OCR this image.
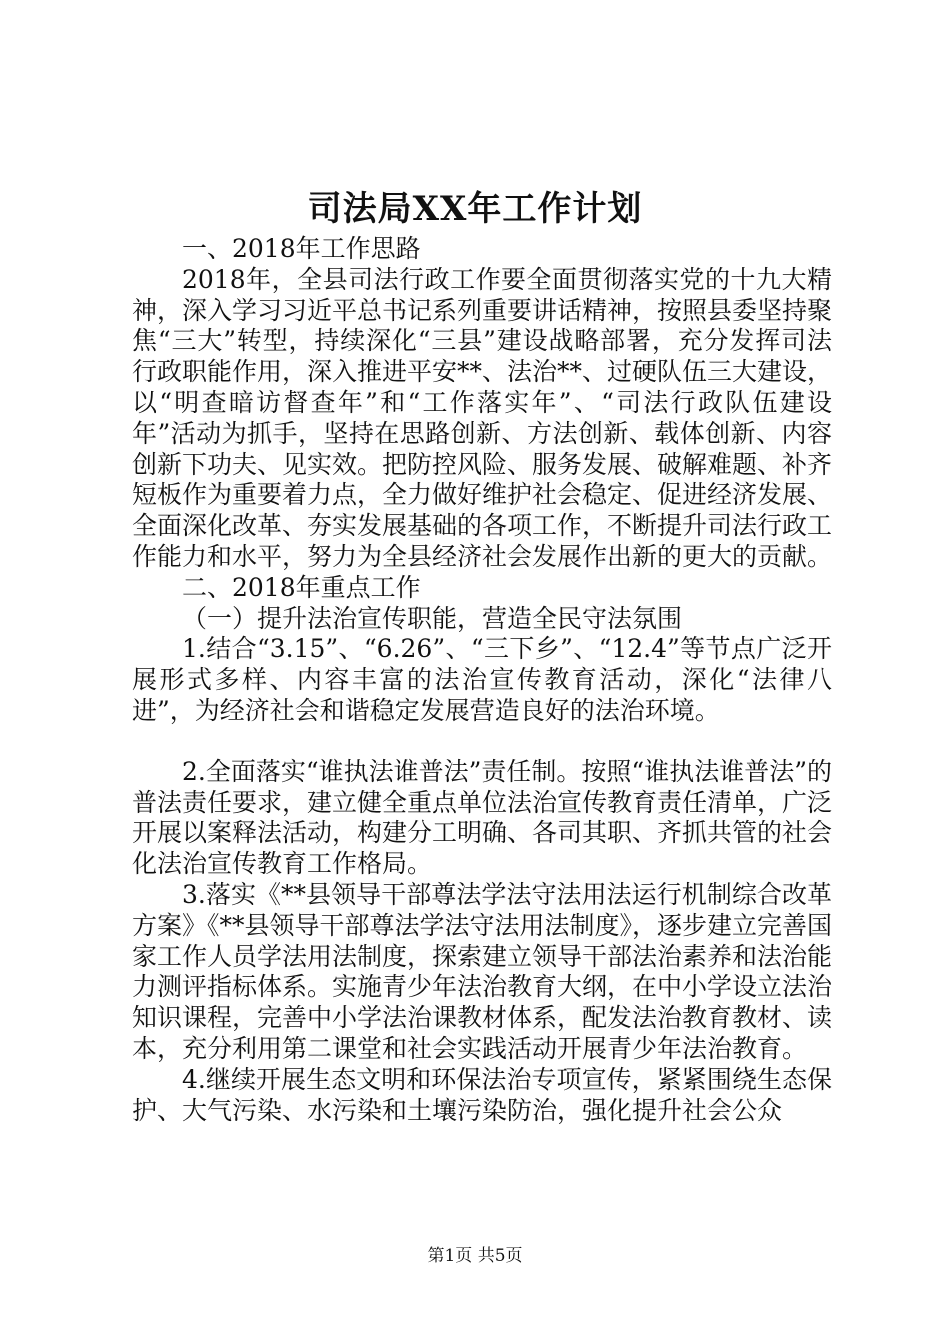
司法局XX年工作计划

一、2018年工作思路

2018年，全县司法行政工作要全面贯彻落实党的十九大精神，深入学习习近平总书记系列重要讲话精神，按照县委坚持聚焦“三大”转型，持续深化“三县”建设战略部署，充分发挥司法行政职能作用，深入推进平安**、法治**、过硬队伍三大建设，以“明查暗访督查年”和“工作落实年”、“司法行政队伍建设年”活动为抓手，坚持在思路创新、方法创新、载体创新、内容创新下功夫、见实效。把防控风险、服务发展、破解难题、补齐短板作为重要着力点，全力做好维护社会稳定、促进经济发展、全面深化改革、夯实发展基础的各项工作，不断提升司法行政工作能力和水平，努力为全县经济社会发展作出新的更大的贡献。

二、2018年重点工作

（一）提升法治宣传职能，营造全民守法氛围

1.结合“3.15”、“6.26”、“三下乡”、“12.4”等节点广泛开展形式多样、内容丰富的法治宣传教育活动，深化“法律八进”，为经济社会和谐稳定发展营造良好的法治环境。

2.全面落实“谁执法谁普法”责任制。按照“谁执法谁普法”的普法责任要求，建立健全重点单位法治宣传教育责任清单，广泛开展以案释法活动，构建分工明确、各司其职、齐抓共管的社会化法治宣传教育工作格局。

3.落实《**县领导干部尊法学法守法用法运行机制综合改革方案》《**县领导干部尊法学法守法用法制度》，逐步建立完善国家工作人员学法用法制度，探索建立领导干部法治素养和法治能力测评指标体系。实施青少年法治教育大纲，在中小学设立法治知识课程，完善中小学法治课教材体系，配发法治教育教材、读本，充分利用第二课堂和社会实践活动开展青少年法治教育。

4.继续开展生态文明和环保法治专项宣传，紧紧围绕生态保护、大气污染、水污染和土壤污染防治，强化提升社会公众

第1页 共5页
